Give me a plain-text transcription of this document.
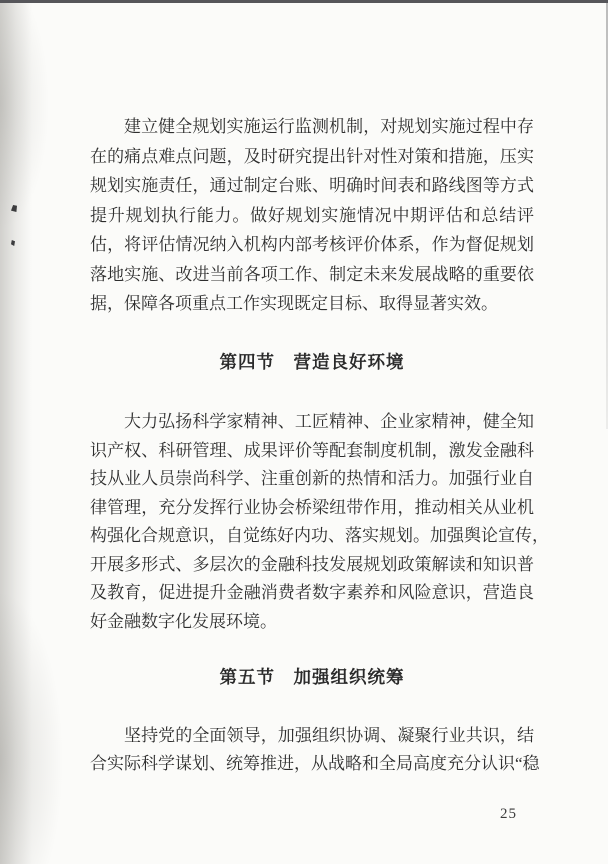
建立健全规划实施运行监测机制，对规划实施过程中存
在的痛点难点问题，及时研究提出针对性对策和措施，压实
规划实施责任，通过制定台账、明确时间表和路线图等方式
提升规划执行能力。做好规划实施情况中期评估和总结评
估，将评估情况纳入机构内部考核评价体系，作为督促规划
落地实施、改进当前各项工作、制定未来发展战略的重要依
据，保障各项重点工作实现既定目标、取得显著实效。
第四节　营造良好环境
大力弘扬科学家精神、工匠精神、企业家精神，健全知
识产权、科研管理、成果评价等配套制度机制，激发金融科
技从业人员崇尚科学、注重创新的热情和活力。加强行业自
律管理，充分发挥行业协会桥梁纽带作用，推动相关从业机
构强化合规意识，自觉练好内功、落实规划。加强舆论宣传，
开展多形式、多层次的金融科技发展规划政策解读和知识普
及教育，促进提升金融消费者数字素养和风险意识，营造良
好金融数字化发展环境。
第五节　加强组织统筹
坚持党的全面领导，加强组织协调、凝聚行业共识，结
合实际科学谋划、统筹推进，从战略和全局高度充分认识“稳
25
